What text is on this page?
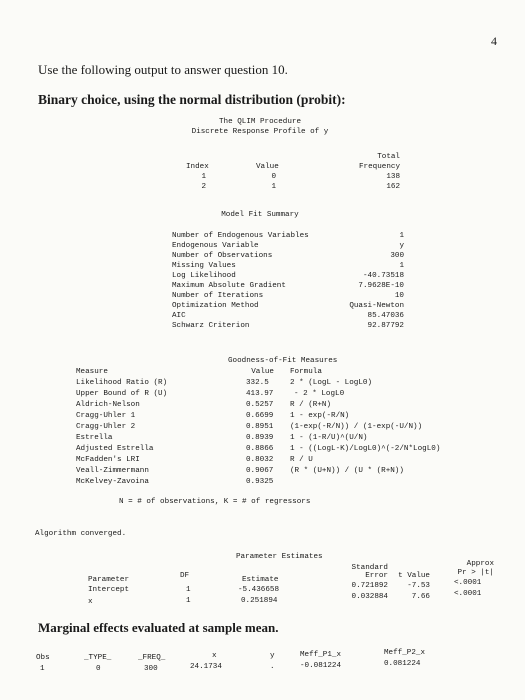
4
Use the following output to answer question 10.
Binary choice, using the normal distribution (probit):
The QLIM Procedure
Discrete Response Profile of y
Total
Index	Value	Frequency
1	0	138
2	1	162
Model Fit Summary
Number of Endogenous Variables	1
Endogenous Variable	y
Number of Observations	300
Missing Values	1
Log Likelihood	-40.73518
Maximum Absolute Gradient	7.9628E-10
Number of Iterations	10
Optimization Method	Quasi-Newton
AIC	85.47036
Schwarz Criterion	92.87792
Goodness-of-Fit Measures
Measure	Value Formula
Likelihood Ratio (R)	332.5	2 * (LogL - LogL0)
Upper Bound of R (U)	413.97	- 2 * LogL0
Aldrich-Nelson	0.5257 R / (R+N)
Cragg-Uhler 1	0.6699 1 - exp(-R/N)
Cragg-Uhler 2	0.8951 (1-exp(-R/N)) / (1-exp(-U/N))
Estrella	0.8939 1 - (1-R/U)^(U/N)
Adjusted Estrella	0.8866 1 - ((LogL-K)/LogL0)^(-2/N*LogL0)
McFadden's LRI	0.8032 R / U
Veall-Zimmermann	0.9067 (R * (U+N)) / (U * (R+N))
McKelvey-Zavoina	0.9325
N = # of observations, K = # of regressors
Algorithm converged.
Parameter Estimates
Standard	Approx
Parameter	DF	Estimate	Error	t Value	Pr > |t|
Intercept	1	-5.436658	0.721892	-7.53	<.0001
x	1	0.251894	0.032884	7.66	<.0001
Marginal effects evaluated at sample mean.
Obs	_TYPE_	_FREQ_	x	y	Meff_P1_x	Meff_P2_x
1	0	300	24.1734	.	-0.081224	0.081224
